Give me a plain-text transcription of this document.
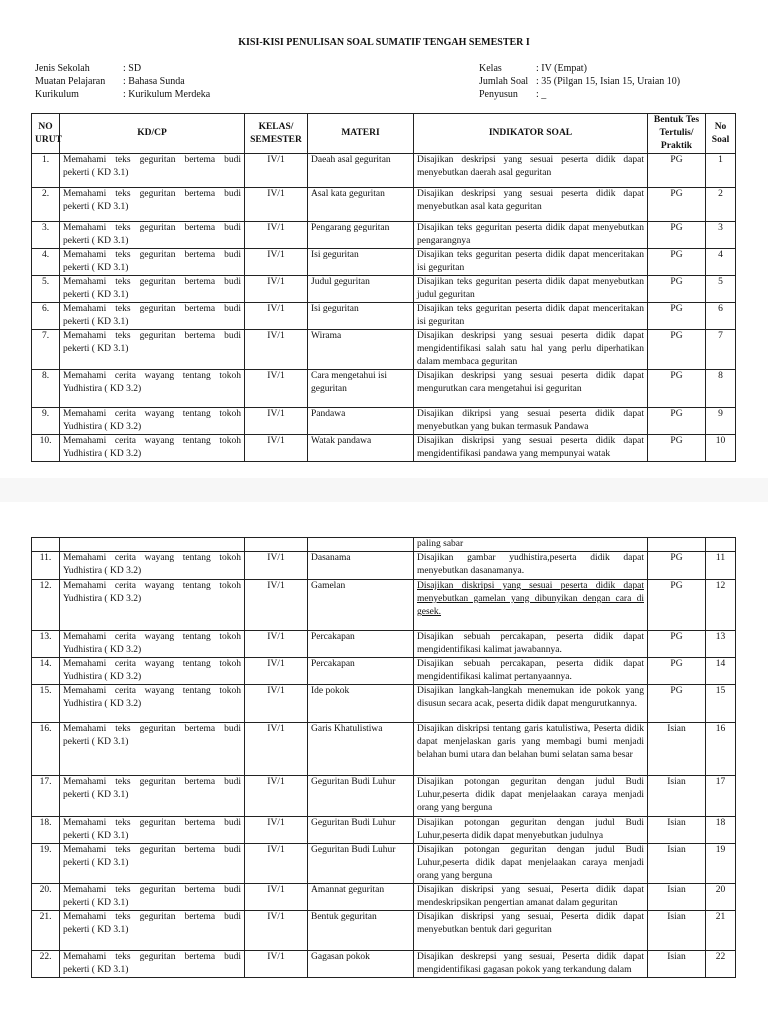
KISI-KISI PENULISAN SOAL SUMATIF TENGAH SEMESTER I
Jenis Sekolah	: SD
Muatan Pelajaran	: Bahasa Sunda
Kurikulum	: Kurikulum Merdeka
Kelas	: IV (Empat)
Jumlah Soal : 35 (Pilgan 15, Isian 15, Uraian 10)
Penyusun	: _
NO URUT	KD/CP	KELAS/ SEMESTER	MATERI	INDIKATOR SOAL	Bentuk Tes Tertulis/ Praktik	No Soal
1.	Memahami teks geguritan bertema budi pekerti ( KD 3.1)	IV/1	Daeah asal geguritan	Disajikan deskripsi yang sesuai peserta didik dapat menyebutkan daerah asal geguritan	PG	1
2.	Memahami teks geguritan bertema budi pekerti ( KD 3.1)	IV/1	Asal kata geguritan	Disajikan deskripsi yang sesuai peserta didik dapat menyebutkan asal kata geguritan	PG	2
3.	Memahami teks geguritan bertema budi pekerti ( KD 3.1)	IV/1	Pengarang geguritan	Disajikan teks geguritan peserta didik dapat menyebutkan pengarangnya	PG	3
4.	Memahami teks geguritan bertema budi pekerti ( KD 3.1)	IV/1	Isi geguritan	Disajikan teks geguritan peserta didik dapat menceritakan isi geguritan	PG	4
5.	Memahami teks geguritan bertema budi pekerti ( KD 3.1)	IV/1	Judul geguritan	Disajikan teks geguritan peserta didik dapat menyebutkan judul geguritan	PG	5
6.	Memahami teks geguritan bertema budi pekerti ( KD 3.1)	IV/1	Isi geguritan	Disajikan teks geguritan peserta didik dapat menceritakan isi geguritan	PG	6
7.	Memahami teks geguritan bertema budi pekerti ( KD 3.1)	IV/1	Wirama	Disajikan deskripsi yang sesuai peserta didik dapat mengidentifikasi salah satu hal yang perlu diperhatikan dalam membaca geguritan	PG	7
8.	Memahami cerita wayang tentang tokoh Yudhistira ( KD 3.2)	IV/1	Cara mengetahui isi geguritan	Disajikan deskripsi yang sesuai peserta didik dapat mengurutkan cara mengetahui isi geguritan	PG	8
9.	Memahami cerita wayang tentang tokoh Yudhistira ( KD 3.2)	IV/1	Pandawa	Disajikan dikripsi yang sesuai peserta didik dapat menyebutkan yang bukan termasuk Pandawa	PG	9
10.	Memahami cerita wayang tentang tokoh Yudhistira ( KD 3.2)	IV/1	Watak pandawa	Disajikan diskripsi yang sesuai peserta didik dapat mengidentifikasi pandawa yang mempunyai watak	PG	10
				paling sabar		
11.	Memahami cerita wayang tentang tokoh Yudhistira ( KD 3.2)	IV/1	Dasanama	Disajikan gambar yudhistira,peserta didik dapat menyebutkan dasanamanya.	PG	11
12.	Memahami cerita wayang tentang tokoh Yudhistira ( KD 3.2)	IV/1	Gamelan	Disajikan diskripsi yang sesuai peserta didik dapat menyebutkan gamelan yang dibunyikan dengan cara di gesek.	PG	12
13.	Memahami cerita wayang tentang tokoh Yudhistira ( KD 3.2)	IV/1	Percakapan	Disajikan sebuah percakapan, peserta didik dapat mengidentifikasi kalimat jawabannya.	PG	13
14.	Memahami cerita wayang tentang tokoh Yudhistira ( KD 3.2)	IV/1	Percakapan	Disajikan sebuah percakapan, peserta didik dapat mengidentifikasi kalimat pertanyaannya.	PG	14
15.	Memahami cerita wayang tentang tokoh Yudhistira ( KD 3.2)	IV/1	Ide pokok	Disajikan langkah-langkah menemukan ide pokok yang disusun secara acak, peserta didik dapat mengurutkannya.	PG	15
16.	Memahami teks geguritan bertema budi pekerti ( KD 3.1)	IV/1	Garis Khatulistiwa	Disajikan diskripsi tentang garis katulistiwa, Peserta didik dapat menjelaskan garis yang membagi bumi menjadi belahan bumi utara dan belahan bumi selatan sama besar	Isian	16
17.	Memahami teks geguritan bertema budi pekerti ( KD 3.1)	IV/1	Geguritan Budi Luhur	Disajikan potongan geguritan dengan judul Budi Luhur,peserta didik dapat menjelaakan caraya menjadi orang yang berguna	Isian	17
18.	Memahami teks geguritan bertema budi pekerti ( KD 3.1)	IV/1	Geguritan Budi Luhur	Disajikan potongan geguritan dengan judul Budi Luhur,peserta didik dapat menyebutkan judulnya	Isian	18
19.	Memahami teks geguritan bertema budi pekerti ( KD 3.1)	IV/1	Geguritan Budi Luhur	Disajikan potongan geguritan dengan judul Budi Luhur,peserta didik dapat menjelaakan caraya menjadi orang yang berguna	Isian	19
20.	Memahami teks geguritan bertema budi pekerti ( KD 3.1)	IV/1	Amannat geguritan	Disajikan diskripsi yang sesuai, Peserta didik dapat mendeskripsikan pengertian amanat dalam geguritan	Isian	20
21.	Memahami teks geguritan bertema budi pekerti ( KD 3.1)	IV/1	Bentuk geguritan	Disajikan diskripsi yang sesuai, Peserta didik dapat menyebutkan bentuk dari geguritan	Isian	21
22.	Memahami teks geguritan bertema budi pekerti ( KD 3.1)	IV/1	Gagasan pokok	Disajikan deskrepsi yang sesuai, Peserta didik dapat mengidentifikasi gagasan pokok yang terkandung dalam	Isian	22
